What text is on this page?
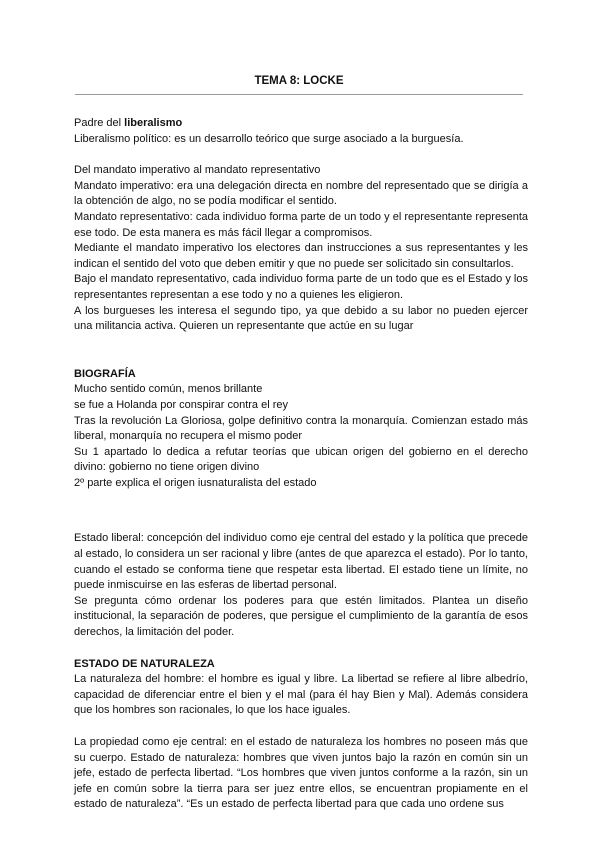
TEMA 8: LOCKE

Padre del liberalismo

Liberalismo político: es un desarrollo teórico que surge asociado a la burguesía.

Del mandato imperativo al mandato representativo

Mandato imperativo: era una delegación directa en nombre del representado que se dirigía a la obtención de algo, no se podía modificar el sentido.

Mandato representativo: cada individuo forma parte de un todo y el representante representa ese todo. De esta manera es más fácil llegar a compromisos.

Mediante el mandato imperativo los electores dan instrucciones a sus representantes y les indican el sentido del voto que deben emitir y que no puede ser solicitado sin consultarlos.

Bajo el mandato representativo, cada individuo forma parte de un todo que es el Estado y los representantes representan a ese todo y no a quienes les eligieron.

A los burgueses les interesa el segundo tipo, ya que debido a su labor no pueden ejercer una militancia activa. Quieren un representante que actúe en su lugar

BIOGRAFÍA

Mucho sentido común, menos brillante

se fue a Holanda por conspirar contra el rey

Tras la revolución La Gloriosa, golpe definitivo contra la monarquía. Comienzan estado más liberal, monarquía no recupera el mismo poder

Su 1 apartado lo dedica a refutar teorías que ubican origen del gobierno en el derecho divino: gobierno no tiene origen divino

2º parte explica el origen iusnaturalista del estado

Estado liberal: concepción del individuo como eje central del estado y la política que precede al estado, lo considera un ser racional y libre (antes de que aparezca el estado). Por lo tanto, cuando el estado se conforma tiene que respetar esta libertad. El estado tiene un límite, no puede inmiscuirse en las esferas de libertad personal.

Se pregunta cómo ordenar los poderes para que estén limitados. Plantea un diseño institucional, la separación de poderes, que persigue el cumplimiento de la garantía de esos derechos, la limitación del poder.

ESTADO DE NATURALEZA

La naturaleza del hombre: el hombre es igual y libre. La libertad se refiere al libre albedrío, capacidad de diferenciar entre el bien y el mal (para él hay Bien y Mal). Además considera que los hombres son racionales, lo que los hace iguales.

La propiedad como eje central: en el estado de naturaleza los hombres no poseen más que su cuerpo. Estado de naturaleza: hombres que viven juntos bajo la razón en común sin un jefe, estado de perfecta libertad. “Los hombres que viven juntos conforme a la razón, sin un jefe en común sobre la tierra para ser juez entre ellos, se encuentran propiamente en el estado de naturaleza”. “Es un estado de perfecta libertad para que cada uno ordene sus
